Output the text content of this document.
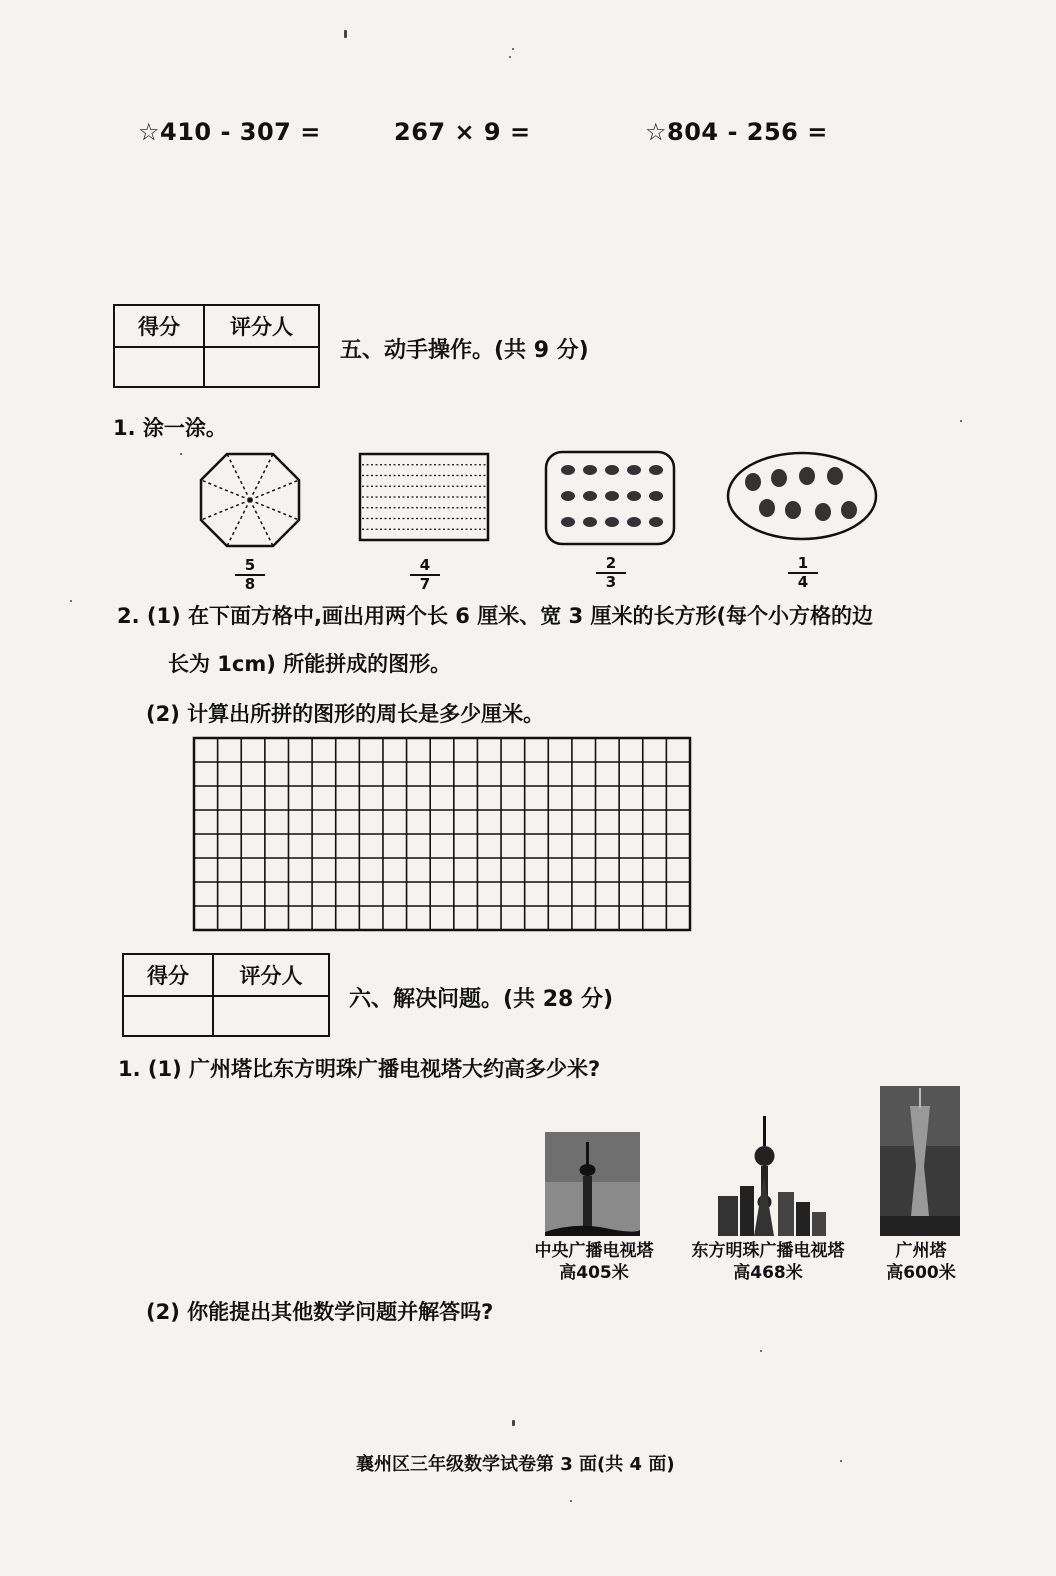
☆410 - 307 =	267 × 9 =	☆804 - 256 =
得分	评分人

五、动手操作。(共 9 分)
1. 涂一涂。
$\frac{5}{8}$	$\frac{4}{7}$	$\frac{2}{3}$	$\frac{1}{4}$
2. (1) 在下面方格中,画出用两个长 6 厘米、宽 3 厘米的长方形(每个小方格的边
长为 1cm) 所能拼成的图形。
(2) 计算出所拼的图形的周长是多少厘米。
得分	评分人

六、解决问题。(共 28 分)
1. (1) 广州塔比东方明珠广播电视塔大约高多少米?
中央广播电视塔
高405米
东方明珠广播电视塔
高468米
广州塔
高600米
(2) 你能提出其他数学问题并解答吗?
襄州区三年级数学试卷第 3 面(共 4 面)
